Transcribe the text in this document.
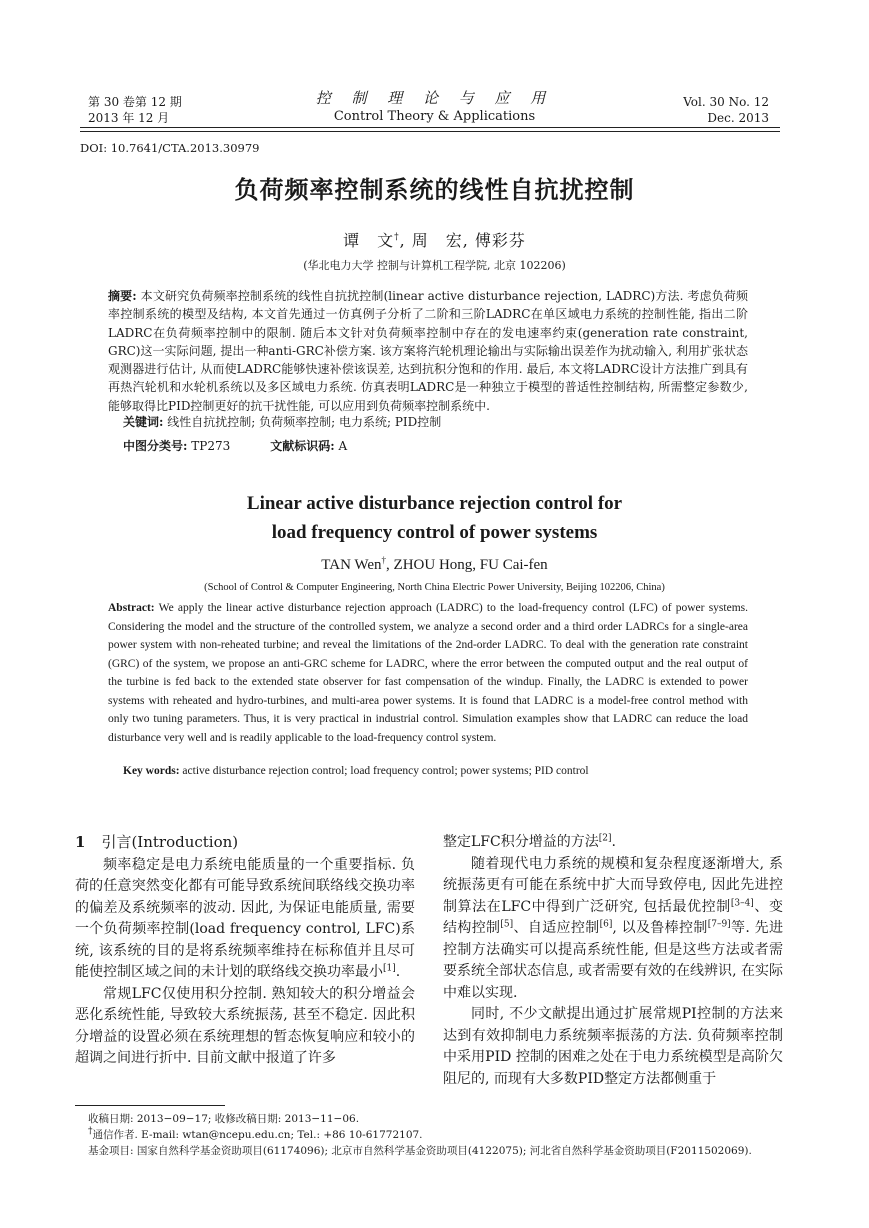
第 30 卷第 12 期
2013 年 12 月
控 制 理 论 与 应 用
Control Theory & Applications
Vol. 30 No. 12
Dec. 2013
DOI: 10.7641/CTA.2013.30979
负荷频率控制系统的线性自抗扰控制
谭　文†, 周　宏, 傅彩芬
(华北电力大学 控制与计算机工程学院, 北京 102206)
摘要: 本文研究负荷频率控制系统的线性自抗扰控制(linear active disturbance rejection, LADRC)方法. 考虑负荷频率控制系统的模型及结构, 本文首先通过一仿真例子分析了二阶和三阶LADRC在单区域电力系统的控制性能, 指出二阶LADRC在负荷频率控制中的限制. 随后本文针对负荷频率控制中存在的发电速率约束(generation rate constraint, GRC)这一实际问题, 提出一种anti-GRC补偿方案. 该方案将汽轮机理论输出与实际输出误差作为扰动输入, 利用扩张状态观测器进行估计, 从而使LADRC能够快速补偿该误差, 达到抗积分饱和的作用. 最后, 本文将LADRC设计方法推广到具有再热汽轮机和水轮机系统以及多区域电力系统. 仿真表明LADRC是一种独立于模型的普适性控制结构, 所需整定参数少, 能够取得比PID控制更好的抗干扰性能, 可以应用到负荷频率控制系统中.
关键词: 线性自抗扰控制; 负荷频率控制; 电力系统; PID控制
中图分类号: TP273	文献标识码: A
Linear active disturbance rejection control for
load frequency control of power systems
TAN Wen†, ZHOU Hong, FU Cai-fen
(School of Control & Computer Engineering, North China Electric Power University, Beijing 102206, China)
Abstract: We apply the linear active disturbance rejection approach (LADRC) to the load-frequency control (LFC) of power systems. Considering the model and the structure of the controlled system, we analyze a second order and a third order LADRCs for a single-area power system with non-reheated turbine; and reveal the limitations of the 2nd-order LADRC. To deal with the generation rate constraint (GRC) of the system, we propose an anti-GRC scheme for LADRC, where the error between the computed output and the real output of the turbine is fed back to the extended state observer for fast compensation of the windup. Finally, the LADRC is extended to power systems with reheated and hydro-turbines, and multi-area power systems. It is found that LADRC is a model-free control method with only two tuning parameters. Thus, it is very practical in industrial control. Simulation examples show that LADRC can reduce the load disturbance very well and is readily applicable to the load-frequency control system.
Key words: active disturbance rejection control; load frequency control; power systems; PID control
1 引言(Introduction)

频率稳定是电力系统电能质量的一个重要指标. 负荷的任意突然变化都有可能导致系统间联络线交换功率的偏差及系统频率的波动. 因此, 为保证电能质量, 需要一个负荷频率控制(load frequency control, LFC)系统, 该系统的目的是将系统频率维持在标称值并且尽可能使控制区域之间的未计划的联络线交换功率最小[1].

常规LFC仅使用积分控制. 熟知较大的积分增益会恶化系统性能, 导致较大系统振荡, 甚至不稳定. 因此积分增益的设置必须在系统理想的暂态恢复响应和较小的超调之间进行折中. 目前文献中报道了许多

整定LFC积分增益的方法[2].

随着现代电力系统的规模和复杂程度逐渐增大, 系统振荡更有可能在系统中扩大而导致停电, 因此先进控制算法在LFC中得到广泛研究, 包括最优控制[3–4]、变结构控制[5]、自适应控制[6], 以及鲁棒控制[7–9]等. 先进控制方法确实可以提高系统性能, 但是这些方法或者需要系统全部状态信息, 或者需要有效的在线辨识, 在实际中难以实现.

同时, 不少文献提出通过扩展常规PI控制的方法来达到有效抑制电力系统频率振荡的方法. 负荷频率控制中采用PID 控制的困难之处在于电力系统模型是高阶欠阻尼的, 而现有大多数PID整定方法都侧重于

收稿日期: 2013−09−17; 收修改稿日期: 2013−11−06.
†通信作者. E-mail: wtan@ncepu.edu.cn; Tel.: +86 10-61772107.
基金项目: 国家自然科学基金资助项目(61174096); 北京市自然科学基金资助项目(4122075); 河北省自然科学基金资助项目(F2011502069).
